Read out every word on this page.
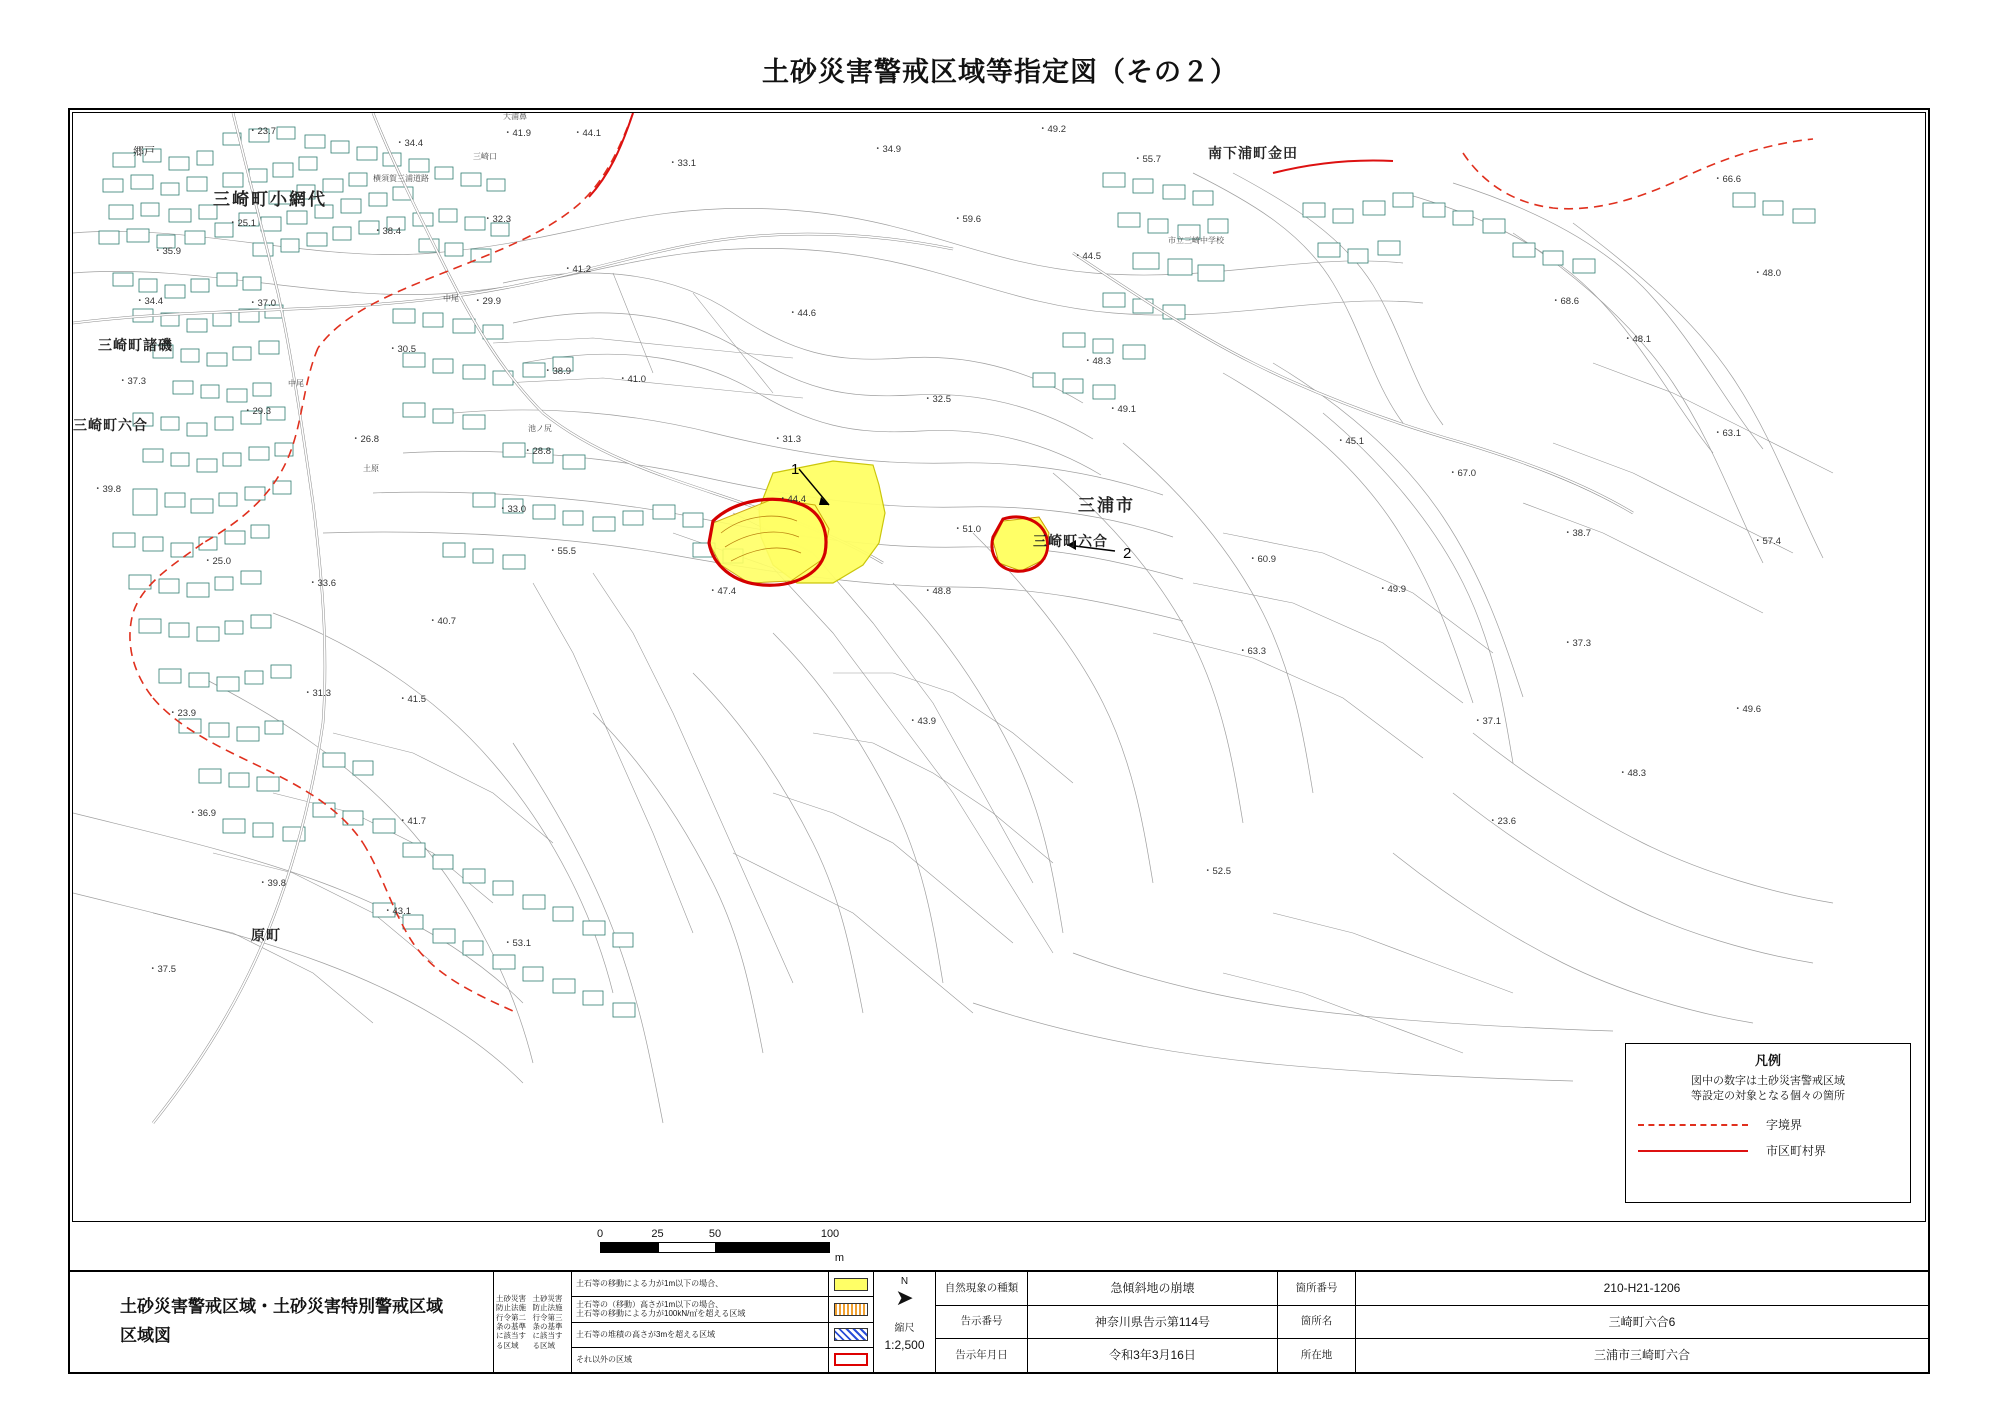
土砂災害警戒区域等指定図（その２）
郷戸
三崎町小網代
三崎町諸磯
三崎町六合
原町
南下浦町金田
三浦市
三崎町六合
市立三崎中学校
大浦鼻
三崎口
横須賀三浦道路
中尾
中尾
池ノ尻
土原
・23.7
・34.4
・44.1
・41.9
・33.1
・34.9
・49.2
・55.7
・66.6
・32.3
・38.4
・35.9
・25.1
・41.2
・59.6
・44.5
・48.0
・68.6
・34.4	・37.0
・29.3
・37.3
・29.9
・30.5
・38.9
・41.0
・44.6
・48.1
・48.3
・32.5
・49.1
・26.8
・28.8
・31.3	・45.1
・63.1
・67.0
・39.8
・33.0
・55.5
・44.4
・51.0	・38.7
・57.4
・25.0
・33.6
・47.4	・48.8
・60.9
・49.9
・40.7
・63.3
・37.3
・31.3
・23.9
・41.5
・43.9	・37.1
・49.6
・48.3
・36.9
・41.7	・23.6
・39.8
・52.5
・43.1
・53.1
・37.5
1
2
凡例
図中の数字は土砂災害警戒区域
等設定の対象となる個々の箇所
字境界
市区町村界
0	25	50	100
m
土砂災害警戒区域・土砂災害特別警戒区域
区域図
土砂災害防止法施行令第二条の基準に該当する区域
土砂災害防止法施行令第三条の基準に該当する区域
土石等の移動による力が1m以下の場合、
土石等の（移動）高さが1m以下の場合、
土石等の移動による力が100kN/㎡を超える区域
土石等の堆積の高さが3mを超える区域
それ以外の区域
N
➤
縮尺
1:2,500
自然現象 の種類	急傾斜地の崩壊	箇所番号	210-H21-1206
告示番号	神奈川県告示第114号	箇所名	三崎町六合6
告示年月日	令和3年3月16日	所在地	三浦市三崎町六合
